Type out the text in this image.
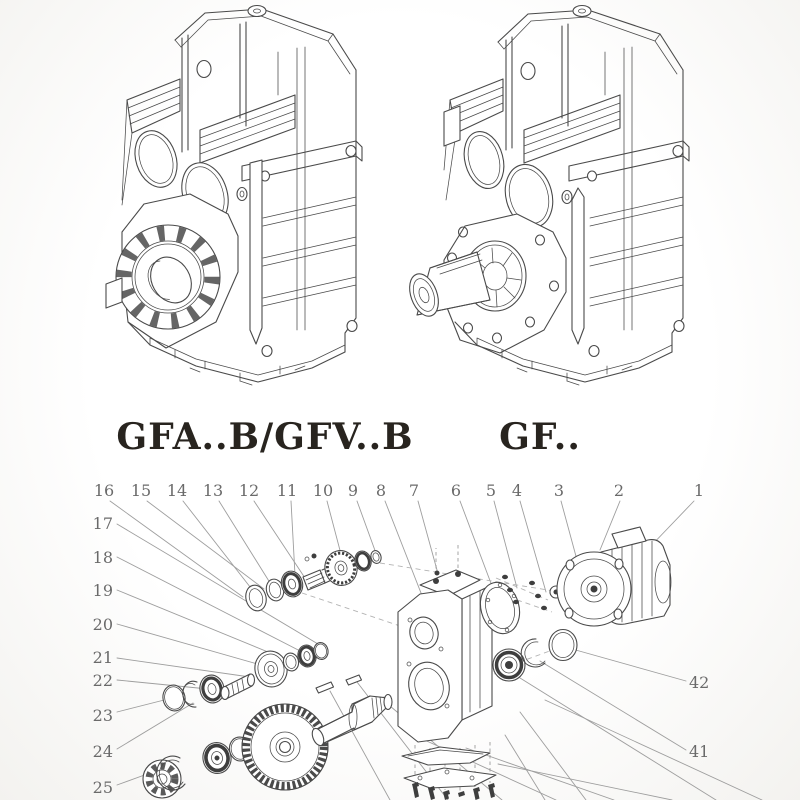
GFA..B/GFV..B GF..
16 15 14 13 12 11 10 9 8 7 6 5 4 3	2	1
17
18
19
20
21
22
23
24
25
42
41
